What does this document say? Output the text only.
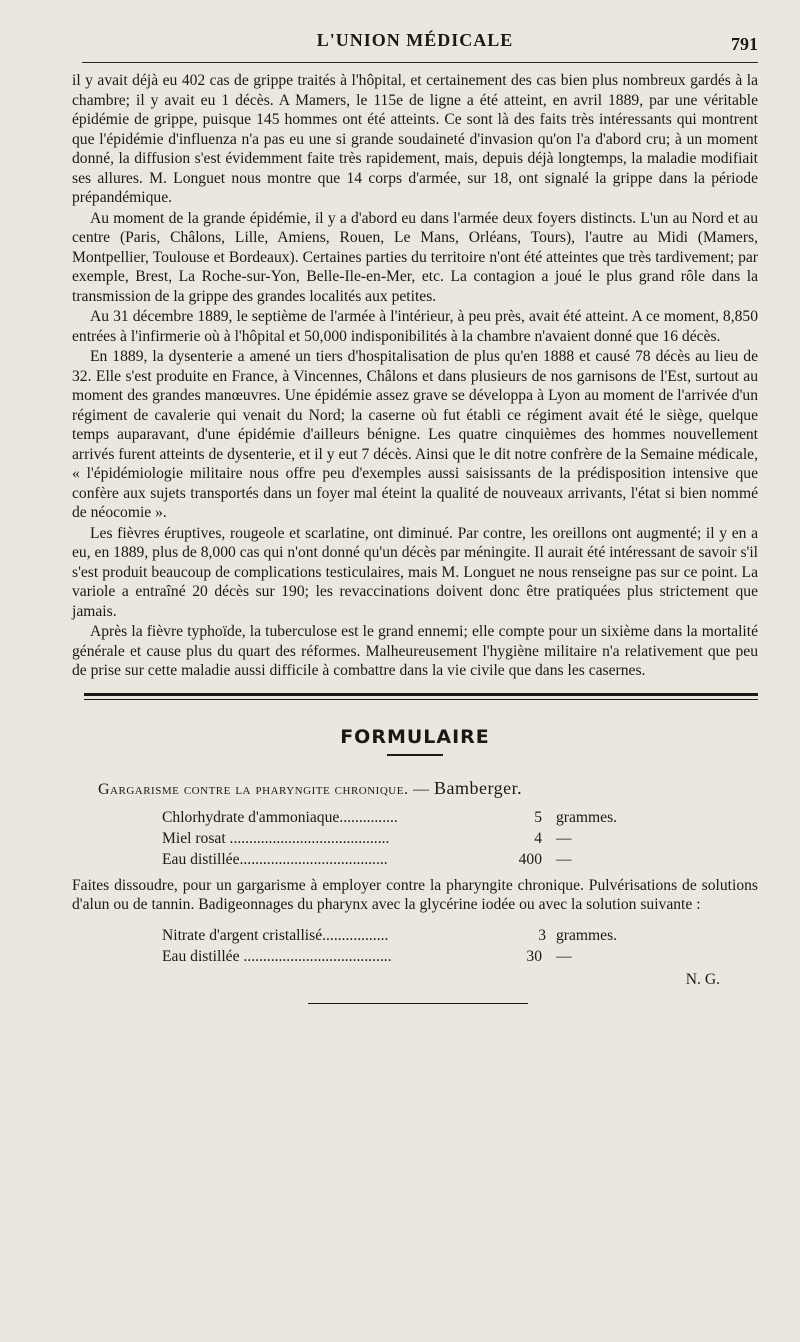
L'UNION MÉDICALE	791

il y avait déjà eu 402 cas de grippe traités à l'hôpital, et certainement des cas bien plus nombreux gardés à la chambre; il y avait eu 1 décès. A Mamers, le 115e de ligne a été atteint, en avril 1889, par une véritable épidémie de grippe, puisque 145 hommes ont été atteints. Ce sont là des faits très intéressants qui montrent que l'épidémie d'influenza n'a pas eu une si grande soudaineté d'invasion qu'on l'a d'abord cru; à un moment donné, la diffusion s'est évidemment faite très rapidement, mais, depuis déjà longtemps, la maladie modifiait ses allures. M. Longuet nous montre que 14 corps d'armée, sur 18, ont signalé la grippe dans la période prépandémique.

Au moment de la grande épidémie, il y a d'abord eu dans l'armée deux foyers distincts. L'un au Nord et au centre (Paris, Châlons, Lille, Amiens, Rouen, Le Mans, Orléans, Tours), l'autre au Midi (Mamers, Montpellier, Toulouse et Bordeaux). Certaines parties du territoire n'ont été atteintes que très tardivement; par exemple, Brest, La Roche-sur-Yon, Belle-Ile-en-Mer, etc. La contagion a joué le plus grand rôle dans la transmission de la grippe des grandes localités aux petites.

Au 31 décembre 1889, le septième de l'armée à l'intérieur, à peu près, avait été atteint. A ce moment, 8,850 entrées à l'infirmerie où à l'hôpital et 50,000 indisponibilités à la chambre n'avaient donné que 16 décès.

En 1889, la dysenterie a amené un tiers d'hospitalisation de plus qu'en 1888 et causé 78 décès au lieu de 32. Elle s'est produite en France, à Vincennes, Châlons et dans plusieurs de nos garnisons de l'Est, surtout au moment des grandes manœuvres. Une épidémie assez grave se développa à Lyon au moment de l'arrivée d'un régiment de cavalerie qui venait du Nord; la caserne où fut établi ce régiment avait été le siège, quelque temps auparavant, d'une épidémie d'ailleurs bénigne. Les quatre cinquièmes des hommes nouvellement arrivés furent atteints de dysenterie, et il y eut 7 décès. Ainsi que le dit notre confrère de la Semaine médicale, « l'épidémiologie militaire nous offre peu d'exemples aussi saisissants de la prédisposition intensive que confère aux sujets transportés dans un foyer mal éteint la qualité de nouveaux arrivants, l'état si bien nommé de néocomie ».

Les fièvres éruptives, rougeole et scarlatine, ont diminué. Par contre, les oreillons ont augmenté; il y en a eu, en 1889, plus de 8,000 cas qui n'ont donné qu'un décès par méningite. Il aurait été intéressant de savoir s'il s'est produit beaucoup de complications testiculaires, mais M. Longuet ne nous renseigne pas sur ce point. La variole a entraîné 20 décès sur 190; les revaccinations doivent donc être pratiquées plus strictement que jamais.

Après la fièvre typhoïde, la tuberculose est le grand ennemi; elle compte pour un sixième dans la mortalité générale et cause plus du quart des réformes. Malheureusement l'hygiène militaire n'a relativement que peu de prise sur cette maladie aussi difficile à combattre dans la vie civile que dans les casernes.

FORMULAIRE
Gargarisme contre la pharyngite chronique. — Bamberger.
Chlorhydrate d'ammoniaque...............	5 grammes.
Miel rosat .........................................	4 —
Eau distillée......................................	400 —

Faites dissoudre, pour un gargarisme à employer contre la pharyngite chronique. Pulvérisations de solutions d'alun ou de tannin. Badigeonnages du pharynx avec la glycérine iodée ou avec la solution suivante :

Nitrate d'argent cristallisé.................	3 grammes.
Eau distillée ......................................	30 —
N. G.
